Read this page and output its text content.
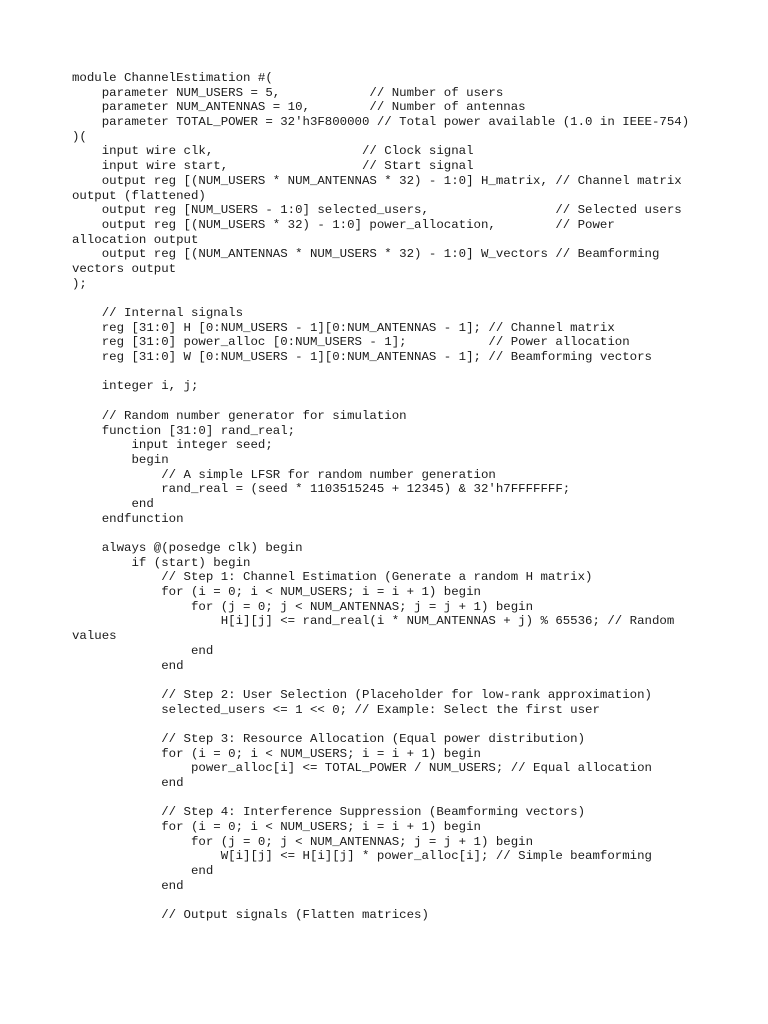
module ChannelEstimation #(
parameter NUM_USERS = 5,            // Number of users
parameter NUM_ANTENNAS = 10,        // Number of antennas
parameter TOTAL_POWER = 32'h3F800000 // Total power available (1.0 in IEEE-754)
)(
input wire clk,                    // Clock signal
input wire start,                  // Start signal
output reg [(NUM_USERS * NUM_ANTENNAS * 32) - 1:0] H_matrix, // Channel matrix
output (flattened)
output reg [NUM_USERS - 1:0] selected_users,                 // Selected users
output reg [(NUM_USERS * 32) - 1:0] power_allocation,        // Power
allocation output
output reg [(NUM_ANTENNAS * NUM_USERS * 32) - 1:0] W_vectors // Beamforming
vectors output
);
// Internal signals
reg [31:0] H [0:NUM_USERS - 1][0:NUM_ANTENNAS - 1]; // Channel matrix
reg [31:0] power_alloc [0:NUM_USERS - 1];           // Power allocation
reg [31:0] W [0:NUM_USERS - 1][0:NUM_ANTENNAS - 1]; // Beamforming vectors
integer i, j;
// Random number generator for simulation
function [31:0] rand_real;
input integer seed;
begin
// A simple LFSR for random number generation
rand_real = (seed * 1103515245 + 12345) & 32'h7FFFFFFF;
end
endfunction
always @(posedge clk) begin
if (start) begin
// Step 1: Channel Estimation (Generate a random H matrix)
for (i = 0; i < NUM_USERS; i = i + 1) begin
for (j = 0; j < NUM_ANTENNAS; j = j + 1) begin
H[i][j] <= rand_real(i * NUM_ANTENNAS + j) % 65536; // Random
values
end
end
// Step 2: User Selection (Placeholder for low-rank approximation)
selected_users <= 1 << 0; // Example: Select the first user
// Step 3: Resource Allocation (Equal power distribution)
for (i = 0; i < NUM_USERS; i = i + 1) begin
power_alloc[i] <= TOTAL_POWER / NUM_USERS; // Equal allocation
end
// Step 4: Interference Suppression (Beamforming vectors)
for (i = 0; i < NUM_USERS; i = i + 1) begin
for (j = 0; j < NUM_ANTENNAS; j = j + 1) begin
W[i][j] <= H[i][j] * power_alloc[i]; // Simple beamforming
end
end
// Output signals (Flatten matrices)
